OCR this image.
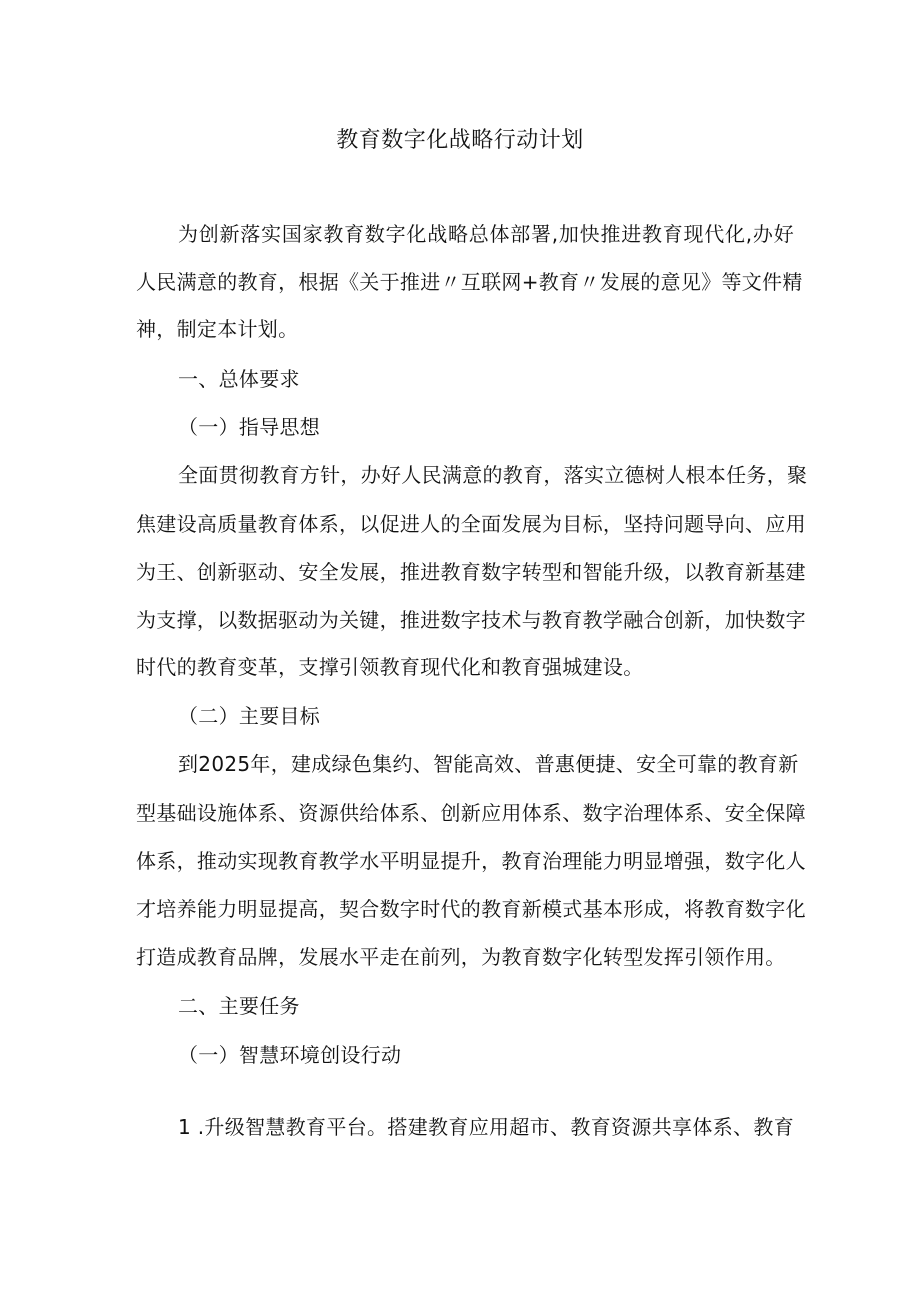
教育数字化战略行动计划
为创新落实国家教育数字化战略总体部署,加快推进教育现代化,办好
人民满意的教育，根据《关于推进〃互联网+教育〃发展的意见》等文件精
神，制定本计划。
一、总体要求
（一）指导思想
全面贯彻教育方针，办好人民满意的教育，落实立德树人根本任务，聚
焦建设高质量教育体系，以促进人的全面发展为目标，坚持问题导向、应用
为王、创新驱动、安全发展，推进教育数字转型和智能升级，以教育新基建
为支撑，以数据驱动为关键，推进数字技术与教育教学融合创新，加快数字
时代的教育变革，支撑引领教育现代化和教育强城建设。
（二）主要目标
到2025年，建成绿色集约、智能高效、普惠便捷、安全可靠的教育新
型基础设施体系、资源供给体系、创新应用体系、数字治理体系、安全保障
体系，推动实现教育教学水平明显提升，教育治理能力明显增强，数字化人
才培养能力明显提高，契合数字时代的教育新模式基本形成，将教育数字化
打造成教育品牌，发展水平走在前列，为教育数字化转型发挥引领作用。
二、主要任务
（一）智慧环境创设行动
1 .升级智慧教育平台。搭建教育应用超市、教育资源共享体系、教育
